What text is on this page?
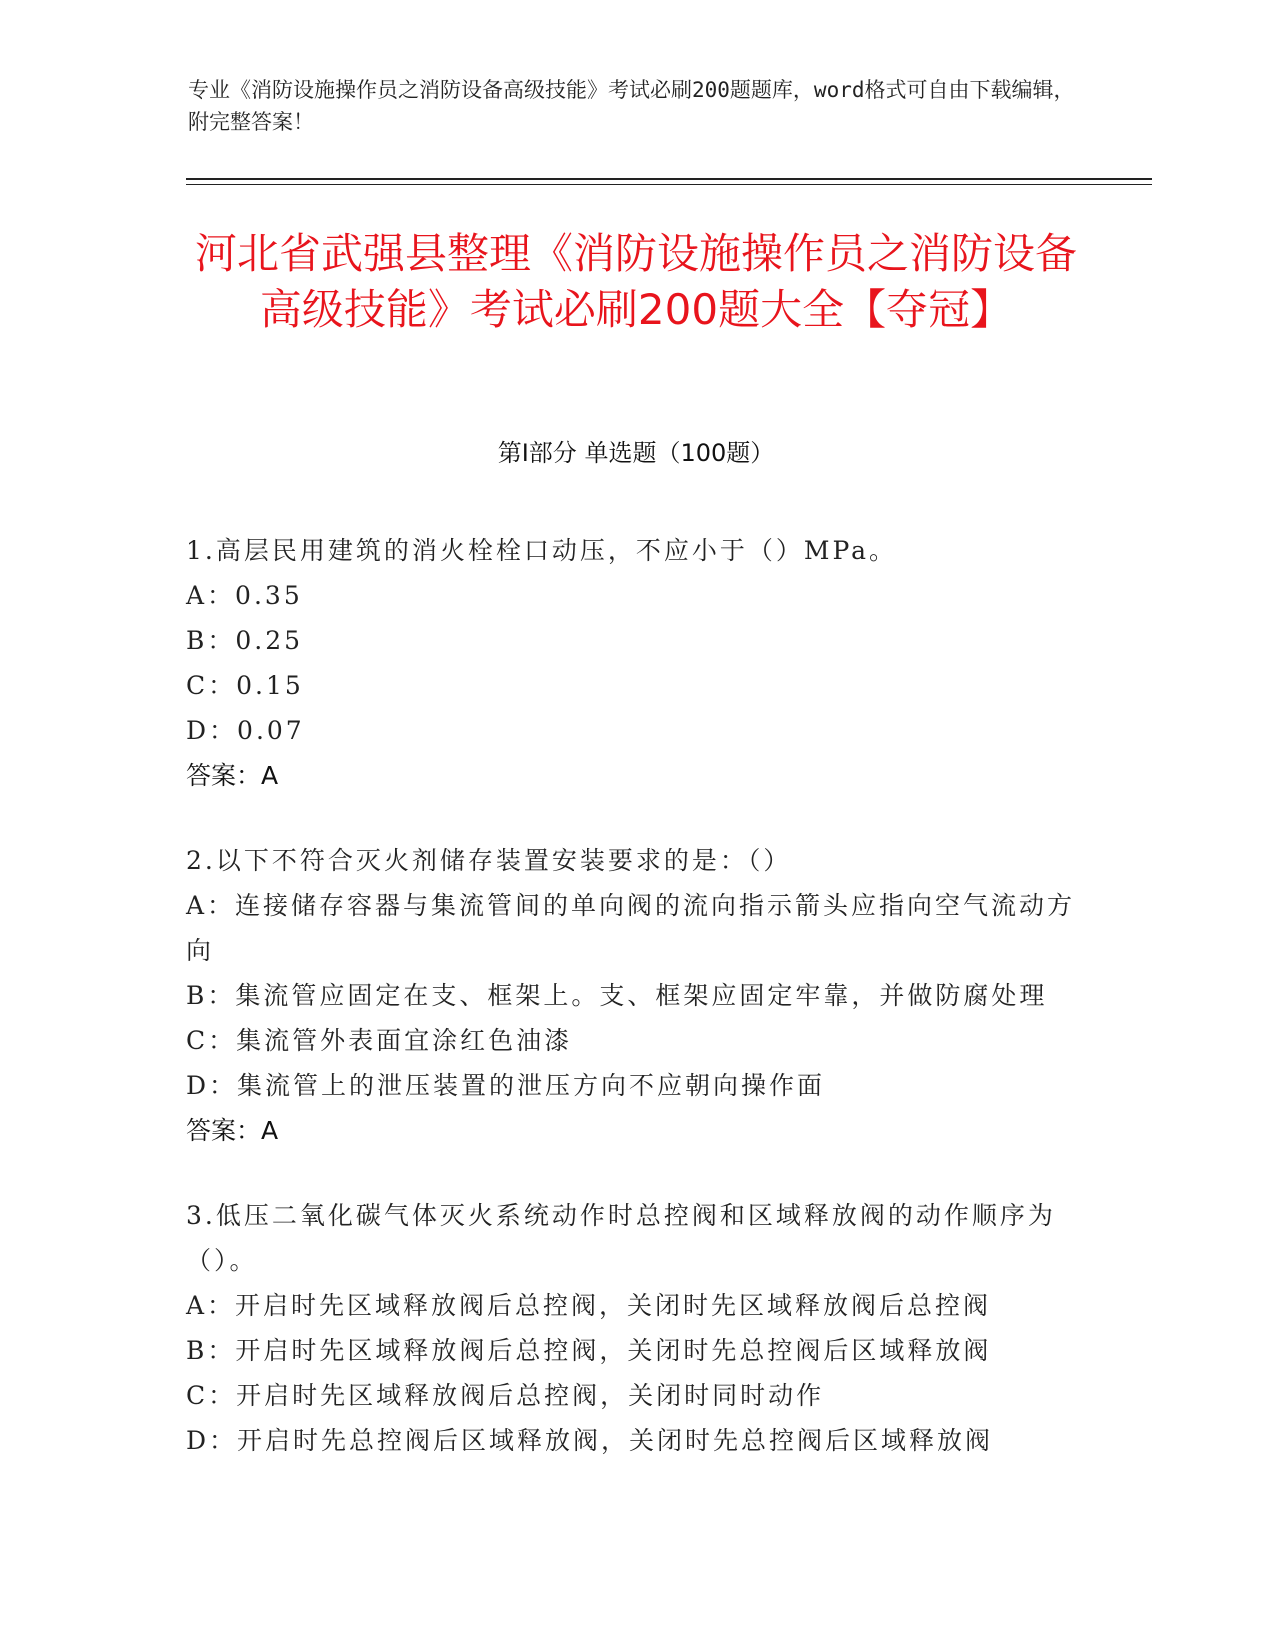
专业《消防设施操作员之消防设备高级技能》考试必刷200题题库，word格式可自由下载编辑，附完整答案！
河北省武强县整理《消防设施操作员之消防设备高级技能》考试必刷200题大全【夺冠】
第Ⅰ部分 单选题（100题）
1.高层民用建筑的消火栓栓口动压，不应小于（）MPa。
A：0.35
B：0.25
C：0.15
D：0.07
答案：A
2.以下不符合灭火剂储存装置安装要求的是：（）
A：连接储存容器与集流管间的单向阀的流向指示箭头应指向空气流动方向
B：集流管应固定在支、框架上。支、框架应固定牢靠，并做防腐处理
C：集流管外表面宜涂红色油漆
D：集流管上的泄压装置的泄压方向不应朝向操作面
答案：A
3.低压二氧化碳气体灭火系统动作时总控阀和区域释放阀的动作顺序为（）。
A：开启时先区域释放阀后总控阀，关闭时先区域释放阀后总控阀
B：开启时先区域释放阀后总控阀，关闭时先总控阀后区域释放阀
C：开启时先区域释放阀后总控阀，关闭时同时动作
D：开启时先总控阀后区域释放阀，关闭时先总控阀后区域释放阀
